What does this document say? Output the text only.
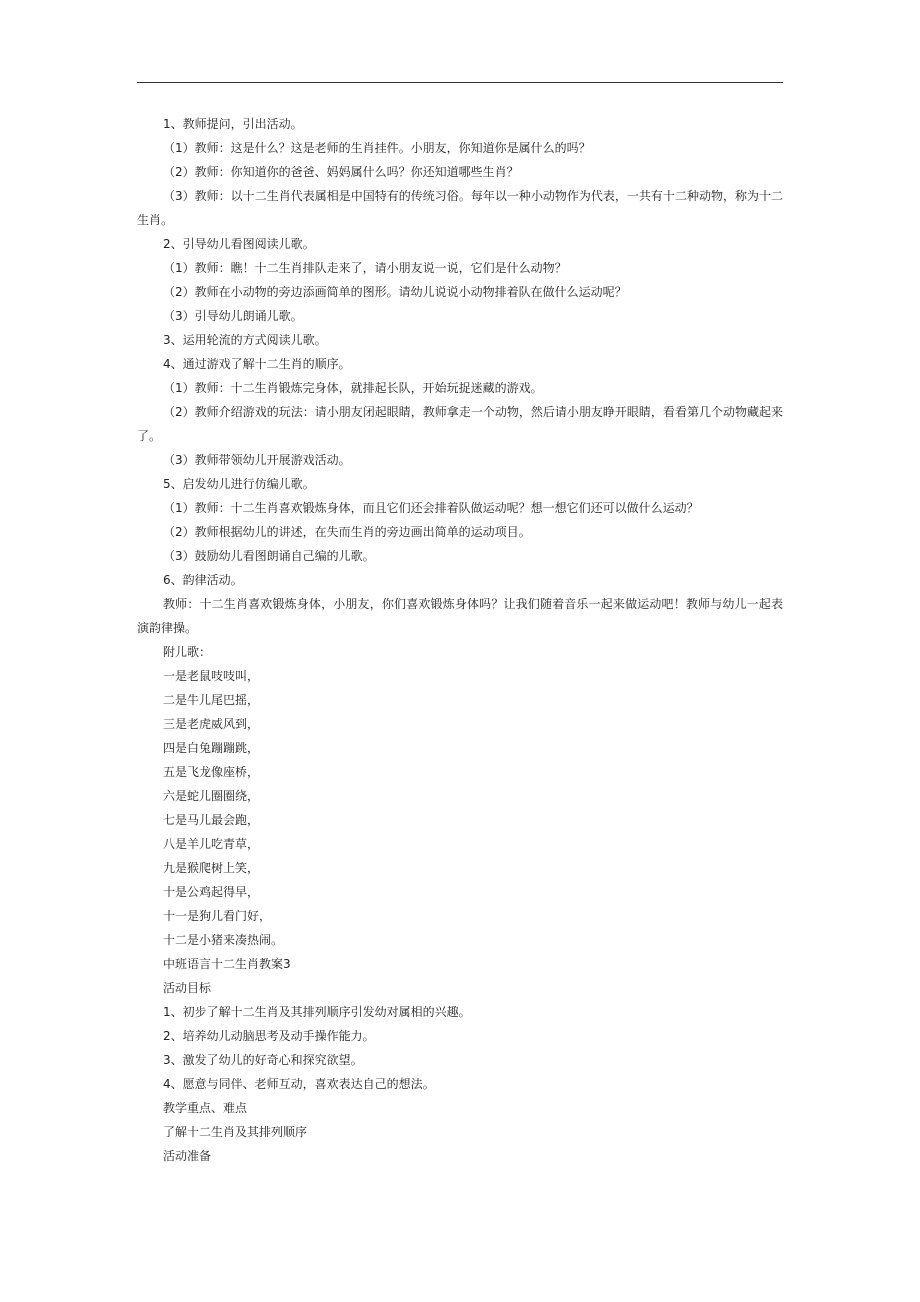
1、教师提问，引出活动。

（1）教师：这是什么？这是老师的生肖挂件。小朋友，你知道你是属什么的吗？

（2）教师：你知道你的爸爸、妈妈属什么吗？你还知道哪些生肖？

（3）教师：以十二生肖代表属相是中国特有的传统习俗。每年以一种小动物作为代表，一共有十二种动物，称为十二生肖。

2、引导幼儿看图阅读儿歌。

（1）教师：瞧！十二生肖排队走来了，请小朋友说一说，它们是什么动物？

（2）教师在小动物的旁边添画简单的图形。请幼儿说说小动物排着队在做什么运动呢？

（3）引导幼儿朗诵儿歌。

3、运用轮流的方式阅读儿歌。

4、通过游戏了解十二生肖的顺序。

（1）教师：十二生肖锻炼完身体，就排起长队，开始玩捉迷藏的游戏。

（2）教师介绍游戏的玩法：请小朋友闭起眼睛，教师拿走一个动物，然后请小朋友睁开眼睛，看看第几个动物藏起来了。

（3）教师带领幼儿开展游戏活动。

5、启发幼儿进行仿编儿歌。

（1）教师：十二生肖喜欢锻炼身体，而且它们还会排着队做运动呢？想一想它们还可以做什么运动？

（2）教师根据幼儿的讲述，在失而生肖的旁边画出简单的运动项目。

（3）鼓励幼儿看图朗诵自己编的儿歌。

6、韵律活动。

教师：十二生肖喜欢锻炼身体，小朋友，你们喜欢锻炼身体吗？让我们随着音乐一起来做运动吧！教师与幼儿一起表演韵律操。

附儿歌：

一是老鼠吱吱叫，

二是牛儿尾巴摇，

三是老虎威风到，

四是白兔蹦蹦跳，

五是飞龙像座桥，

六是蛇儿圈圈绕，

七是马儿最会跑，

八是羊儿吃青草，

九是猴爬树上笑，

十是公鸡起得早，

十一是狗儿看门好，

十二是小猪来凑热闹。

中班语言十二生肖教案3

活动目标

1、初步了解十二生肖及其排列顺序引发幼对属相的兴趣。

2、培养幼儿动脑思考及动手操作能力。

3、激发了幼儿的好奇心和探究欲望。

4、愿意与同伴、老师互动，喜欢表达自己的想法。

教学重点、难点

了解十二生肖及其排列顺序

活动准备
